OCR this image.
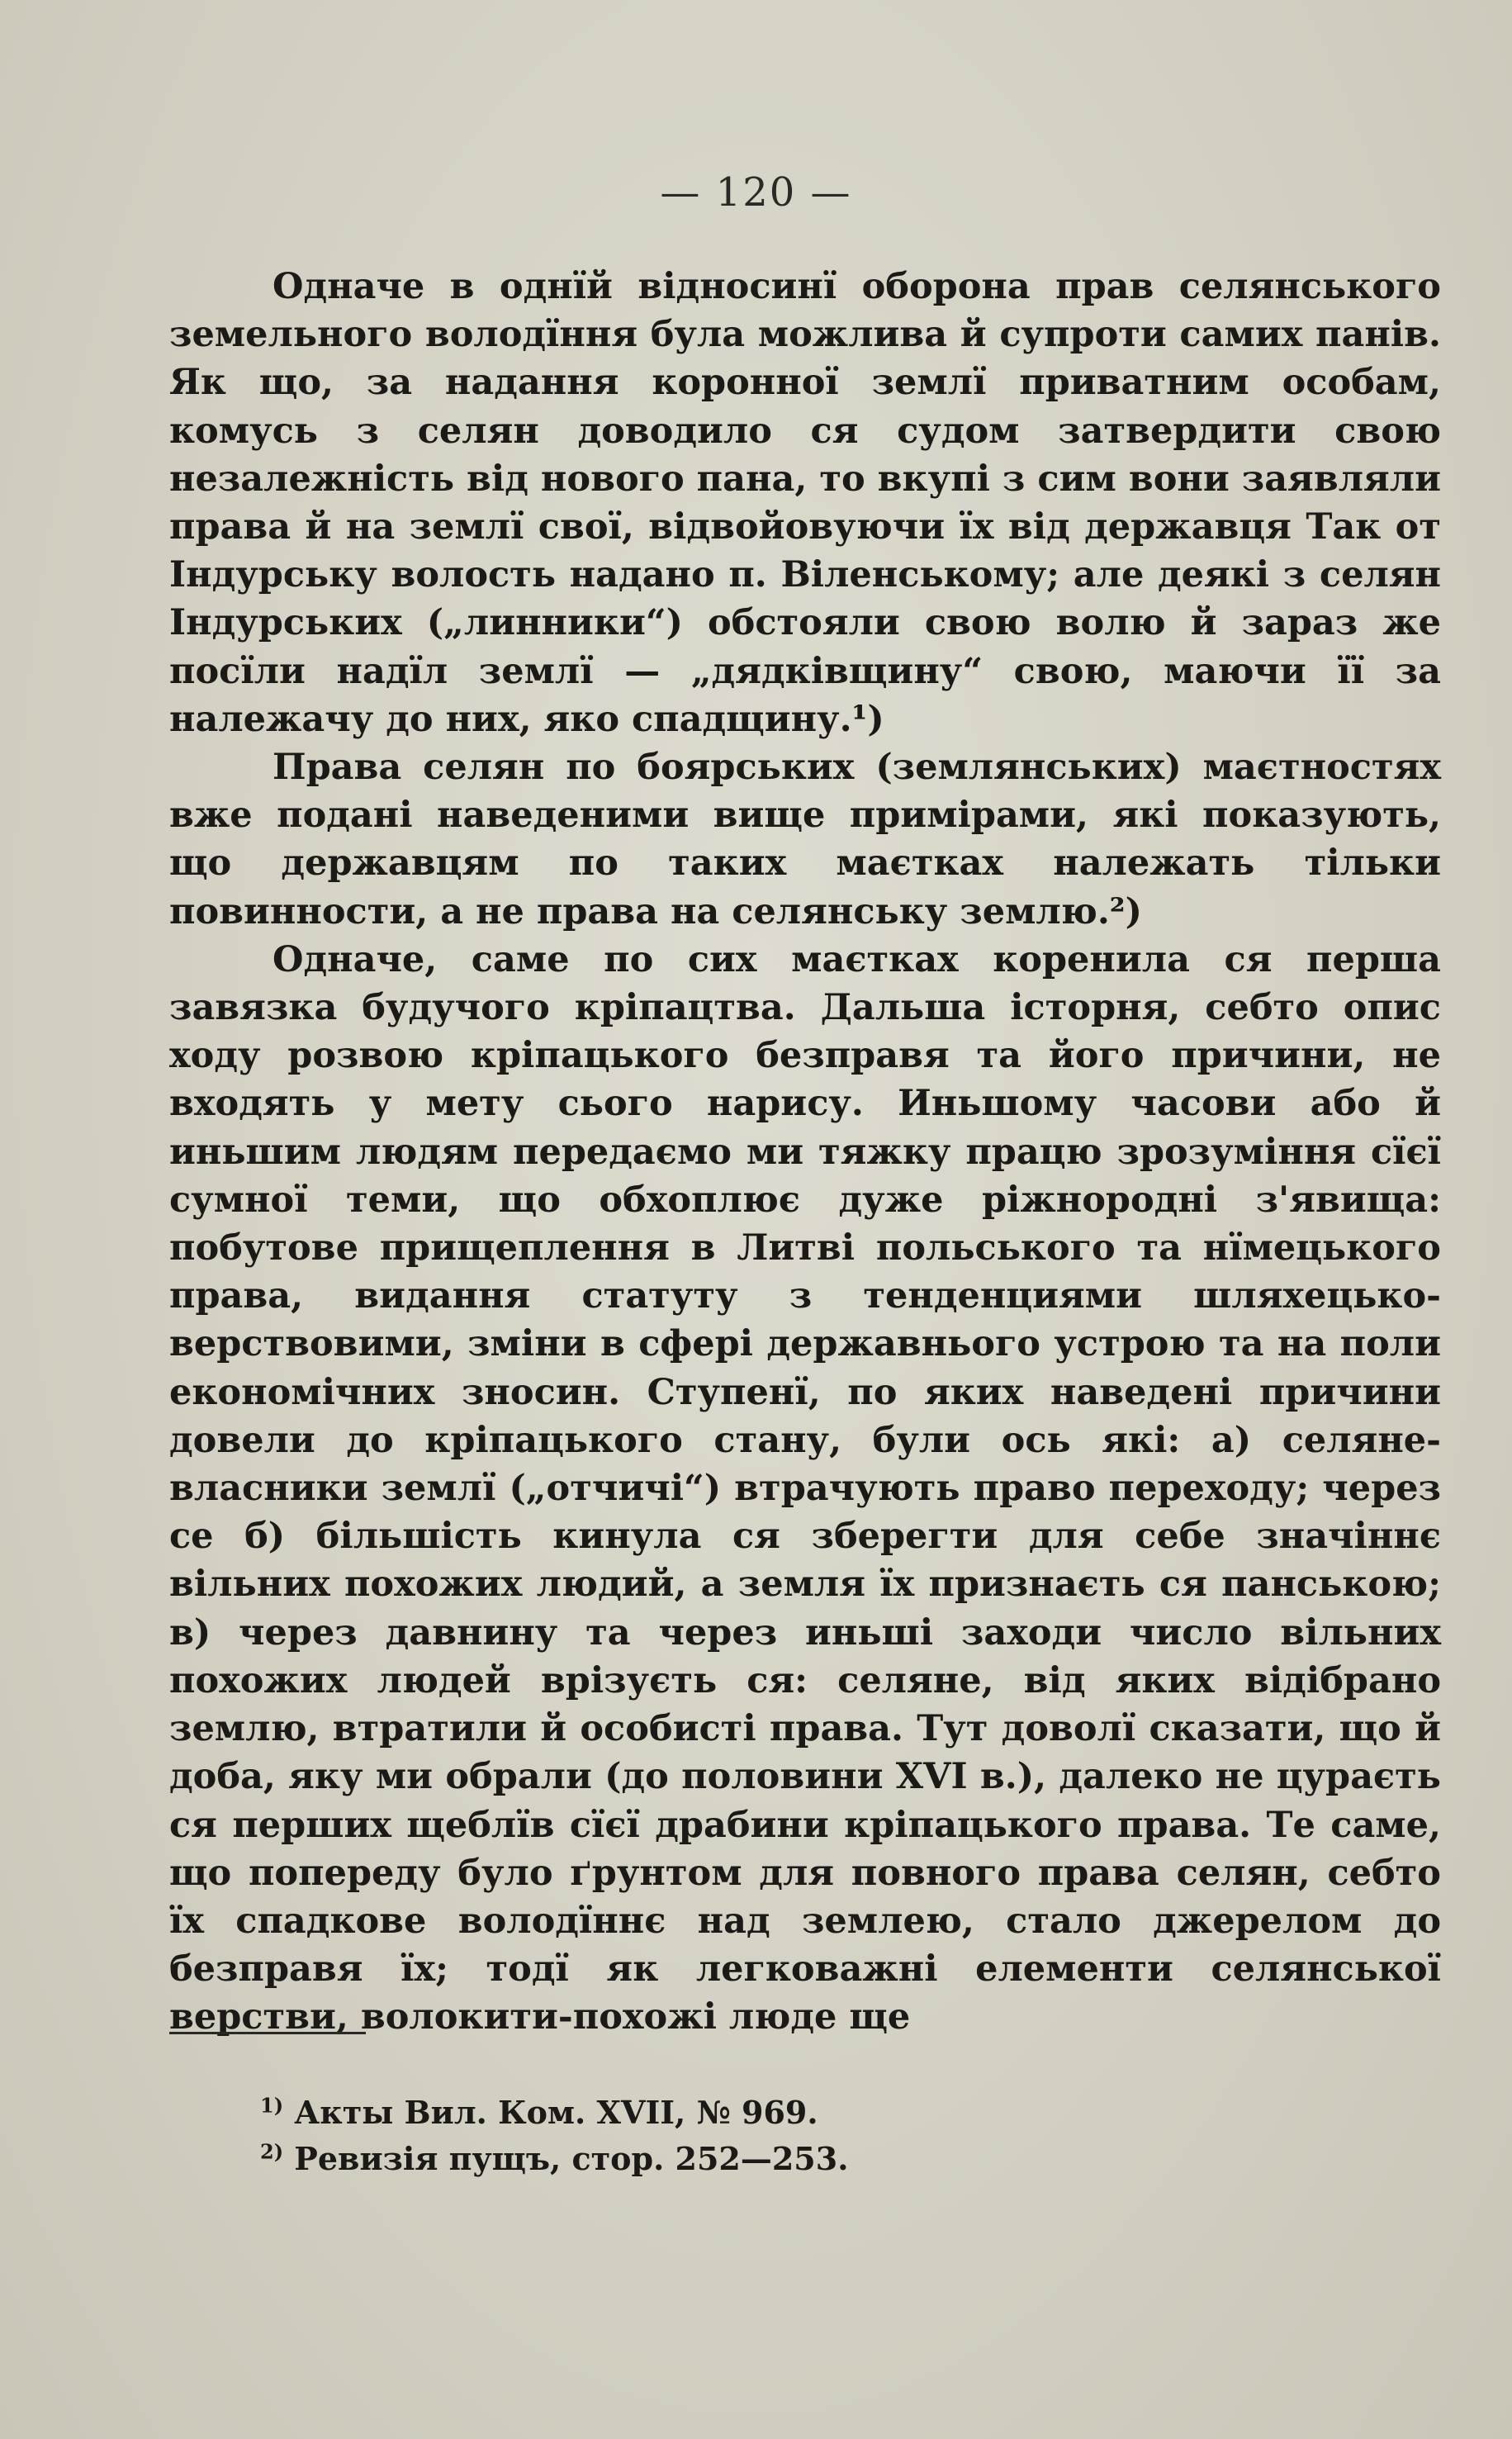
— 120 —

Одначе в однїй відносинї оборона прав селянського земельного володїння була можлива й супроти самих панів. Як що, за надання коронної землї приватним особам, комусь з селян доводило ся судом затвердити свою незалежність від нового пана, то вкупі з сим вони заявляли права й на землї свої, відвойовуючи їх від державця Так от Індурську волость надано п. Віленському; але деякі з селян Індурських („линники“) обстояли свою волю й зараз же посїли надїл землї — „дядківщину“ свою, маючи її за належачу до них, яко спадщину.¹)

Права селян по боярських (землянських) маєтностях вже подані наведеними вище примірами, які показують, що державцям по таких маєтках належать тільки повинности, а не права на селянську землю.²)

Одначе, саме по сих маєтках коренила ся перша завязка будучого кріпацтва. Дальша історня, себто опис ходу розвою кріпацького безправя та його причини, не входять у мету сього нарису. Иньшому часови або й иньшим людям передаємо ми тяжку працю зрозуміння сїєї сумної теми, що обхоплює дуже ріжнородні з'явища: побутове прищеплення в Литві польського та нїмецького права, видання статуту з тенденциями шляхецько-верствовими, зміни в сфері державнього устрою та на поли економічних зносин. Ступенї, по яких наведені причини довели до кріпацького стану, були ось які: а) селяне-власники землї („отчичі“) втрачують право переходу; через се б) більшість кинула ся зберегти для себе значіннє вільних похожих людий, а земля їх признаєть ся панською; в) через давнину та через иньші заходи число вільних похожих людей врізуєть ся: селяне, від яких відібрано землю, втратили й особисті права. Тут доволї сказати, що й доба, яку ми обрали (до половини XVI в.), далеко не цураєть ся перших щеблїв сїєї драбини кріпацького права. Те саме, що попереду було ґрунтом для повного права селян, себто їх спадкове володїннє над землею, стало джерелом до безправя їх; тодї як легковажні елементи селянської верстви, волокити-похожі люде ще

$^{1)}$ Акты Вил. Ком. XVII, № 969.

$^{2)}$ Ревизія пущъ, стор. 252—253.
